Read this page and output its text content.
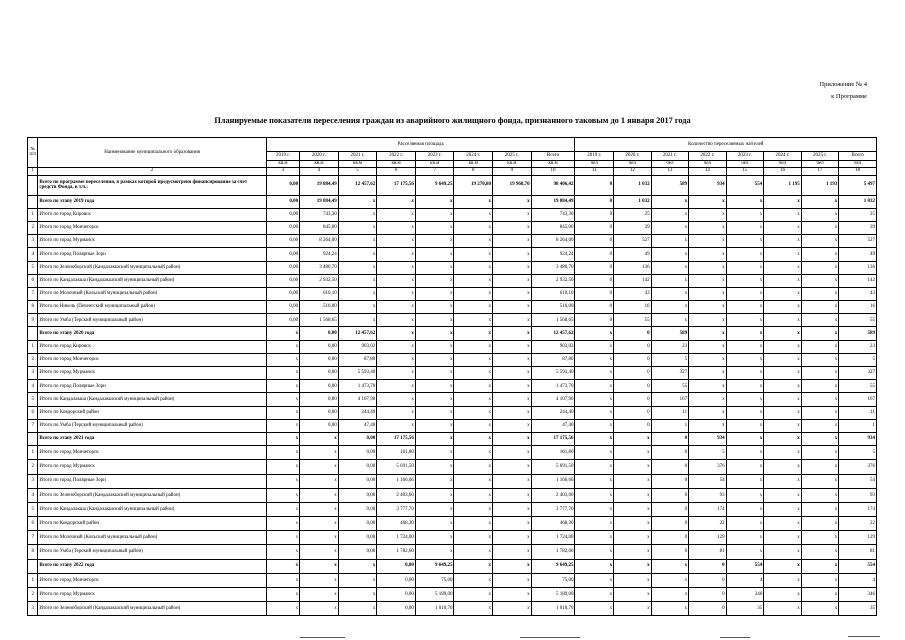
Приложение № 4
к Программе
Планируемые показатели переселения граждан из аварийного жилищного фонда, признанного таковым до 1 января 2017 года
№ п/п	Наименование муниципального образования	Расселяемая площадь								Количество переселяемых жителей							
		2019 г.	2020 г.	2021 г.	2022 г.	2023 г.	2024 г.	2025 г.	Всего	2019 г.	2020 г.	2021 г.	2022 г.	2023 г.	2024 г.	2025 г.	Всего
		кв.м	кв.м	кв.м	кв.м	кв.м	кв.м	кв.м	кв.м	чел	чел	чел	чел	чел	чел	чел	чел
1	2	3	4	5	6	7	8	9	10	11	12	13	14	15	16	17	18
	Всего по программе переселения, в рамках которой предусмотрено финансирование за счет средств Фонда, в т.ч.:	0,00	19 884,49	12 457,62	17 175,56	9 649,25	19 270,80	19 968,70	98 406,42	0	1 032	589	934	554	1 195	1 193	5 497
	Всего по этапу 2019 года	0,00	19 884,49	x	x	x	x	x	19 884,49	0	1 032	x	x	x	x	x	1 032
1	Итого по город Кировск	0,00	743,30	x	x	x	x	x	743,30	0	25	x	x	x	x	x	25
2	Итого по город Мончегорск	0,00	845,00	x	x	x	x	x	845,00	0	39	x	x	x	x	x	39
3	Итого по город Мурманск	0,00	8 264,00	x	x	x	x	x	8 264,00	0	527	x	x	x	x	x	527
4	Итого по город Полярные Зори	0,00	924,24	x	x	x	x	x	924,24	0	49	x	x	x	x	x	49
5	Итого по Зеленоборский (Кандалакшский муниципальный район)	0,00	3 480,70	x	x	x	x	x	3 480,70	0	136	x	x	x	x	x	136
6	Итого по Кандалакша (Кандалакшский муниципальный район)	0,00	2 932,50	x	x	x	x	x	2 932,50	0	142	x	x	x	x	x	142
7	Итого по Молочный (Кольский муниципальный район)	0,00	610,10	x	x	x	x	x	610,10	0	43	x	x	x	x	x	43
8	Итого по Никель (Печенгский муниципальный район)	0,00	516,00	x	x	x	x	x	516,00	0	16	x	x	x	x	x	16
9	Итого по Умба (Терский муниципальный район)	0,00	1 568,65	x	x	x	x	x	1 568,65	0	55	x	x	x	x	x	55
	Всего по этапу 2020 года	x	0,00	12 457,62	x	x	x	x	12 457,62	x	0	589	x	x	x	x	589
1	Итого по город Кировск	x	0,00	903,02	x	x	x	x	903,02	x	0	23	x	x	x	x	23
2	Итого по город Мончегорск	x	0,00	87,80	x	x	x	x	87,80	x	0	5	x	x	x	x	5
3	Итого по город Мурманск	x	0,00	5 593,40	x	x	x	x	5 593,40	x	0	327	x	x	x	x	327
4	Итого по город Полярные Зори	x	0,00	1 473,70	x	x	x	x	1 473,70	x	0	55	x	x	x	x	55
5	Итого по Кандалакша (Кандалакшский муниципальный район)	x	0,00	4 107,90	x	x	x	x	4 107,90	x	0	167	x	x	x	x	167
6	Итого по Ковдорский район	x	0,00	244,40	x	x	x	x	244,40	x	0	11	x	x	x	x	11
7	Итого по Умба (Терский муниципальный район)	x	0,00	47,40	x	x	x	x	47,40	x	0	1	x	x	x	x	1
	Всего по этапу 2021 года	x	x	0,00	17 175,56	x	x	x	17 175,56	x	x	0	934	x	x	x	934
1	Итого по город Мончегорск	x	x	0,00	161,80	x	x	x	161,80	x	x	0	5	x	x	x	5
2	Итого по город Мурманск	x	x	0,00	5 691,50	x	x	x	5 691,50	x	x	0	376	x	x	x	376
3	Итого по город Полярные Зори	x	x	0,00	1 166,66	x	x	x	1 166,66	x	x	0	54	x	x	x	54
4	Итого по Зеленоборский (Кандалакшский муниципальный район)	x	x	0,00	2 403,00	x	x	x	2 403,00	x	x	0	93	x	x	x	93
5	Итого по Кандалакша (Кандалакшский муниципальный район)	x	x	0,00	3 777,70	x	x	x	3 777,70	x	x	0	174	x	x	x	174
6	Итого по Ковдорский район	x	x	0,00	468,30	x	x	x	468,30	x	x	0	22	x	x	x	22
7	Итого по Молочный (Кольский муниципальный район)	x	x	0,00	1 724,00	x	x	x	1 724,00	x	x	0	129	x	x	x	129
8	Итого по Умба (Терский муниципальный район)	x	x	0,00	1 782,60	x	x	x	1 782,60	x	x	0	81	x	x	x	81
	Всего по этапу 2022 года	x	x	x	0,00	9 649,25	x	x	9 649,25	x	x	x	0	554	x	x	554
1	Итого по город Мончегорск	x	x	x	0,00	75,00	x	x	75,00	x	x	x	0	4	x	x	4
2	Итого по город Мурманск	x	x	x	0,00	5 189,00	x	x	5 189,00	x	x	x	0	346	x	x	346
3	Итого по Зеленоборский (Кандалакшский муниципальный район)	x	x	x	0,00	1 010,70	x	x	1 010,70	x	x	x	0	35	x	x	35
